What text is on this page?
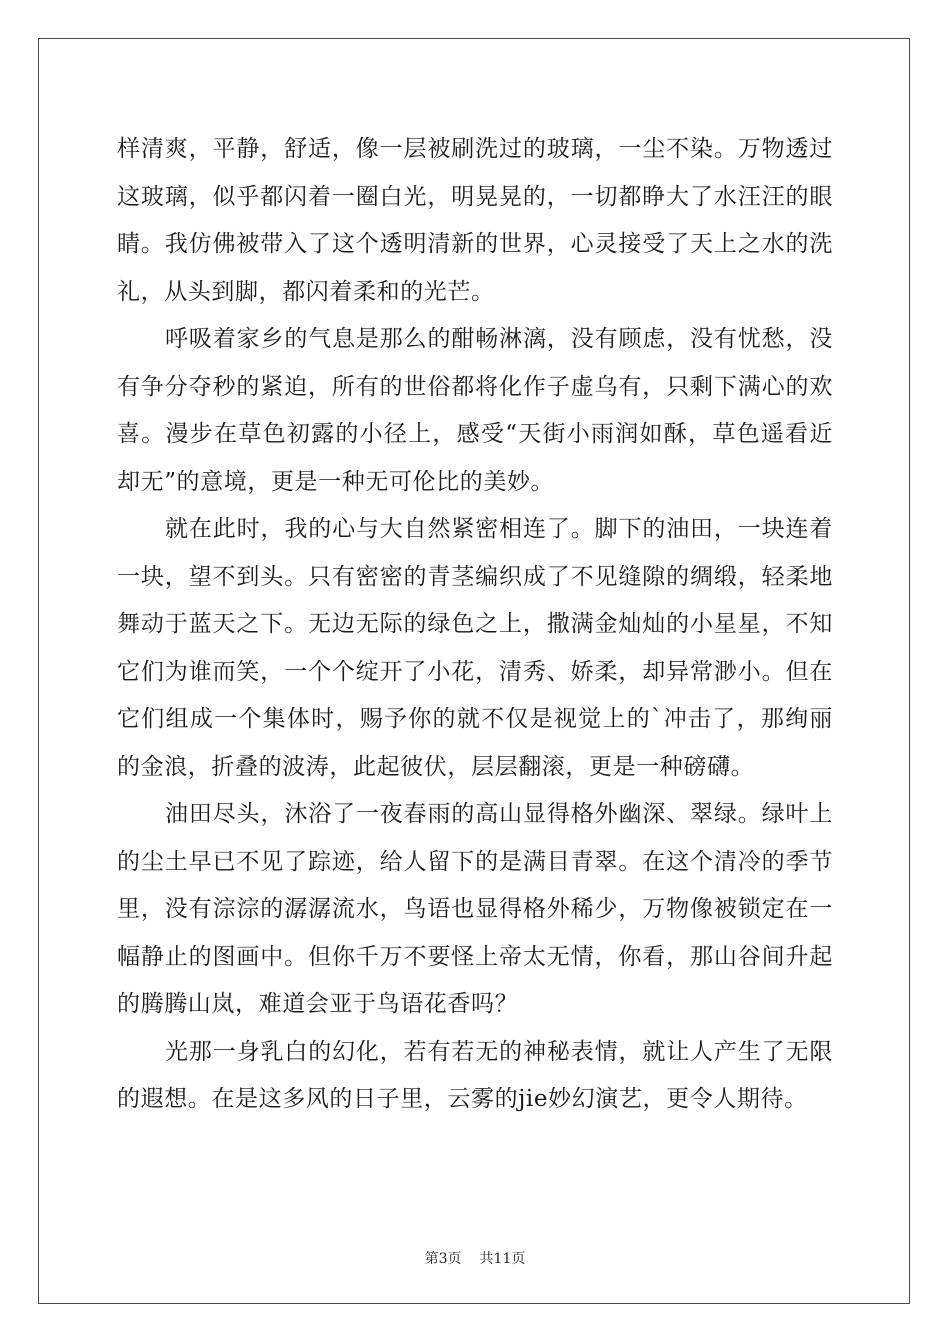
样清爽，平静，舒适，像一层被刷洗过的玻璃，一尘不染。万物透过这玻璃，似乎都闪着一圈白光，明晃晃的，一切都睁大了水汪汪的眼睛。我仿佛被带入了这个透明清新的世界，心灵接受了天上之水的洗礼，从头到脚，都闪着柔和的光芒。

呼吸着家乡的气息是那么的酣畅淋漓，没有顾虑，没有忧愁，没有争分夺秒的紧迫，所有的世俗都将化作子虚乌有，只剩下满心的欢喜。漫步在草色初露的小径上，感受“天街小雨润如酥，草色遥看近却无”的意境，更是一种无可伦比的美妙。

就在此时，我的心与大自然紧密相连了。脚下的油田，一块连着一块，望不到头。只有密密的青茎编织成了不见缝隙的绸缎，轻柔地舞动于蓝天之下。无边无际的绿色之上，撒满金灿灿的小星星，不知它们为谁而笑，一个个绽开了小花，清秀、娇柔，却异常渺小。但在它们组成一个集体时，赐予你的就不仅是视觉上的`冲击了，那绚丽的金浪，折叠的波涛，此起彼伏，层层翻滚，更是一种磅礴。

油田尽头，沐浴了一夜春雨的高山显得格外幽深、翠绿。绿叶上的尘土早已不见了踪迹，给人留下的是满目青翠。在这个清冷的季节里，没有淙淙的潺潺流水，鸟语也显得格外稀少，万物像被锁定在一幅静止的图画中。但你千万不要怪上帝太无情，你看，那山谷间升起的腾腾山岚，难道会亚于鸟语花香吗？

光那一身乳白的幻化，若有若无的神秘表情，就让人产生了无限的遐想。在是这多风的日子里，云雾的jie妙幻演艺，更令人期待。

第3页 共11页
